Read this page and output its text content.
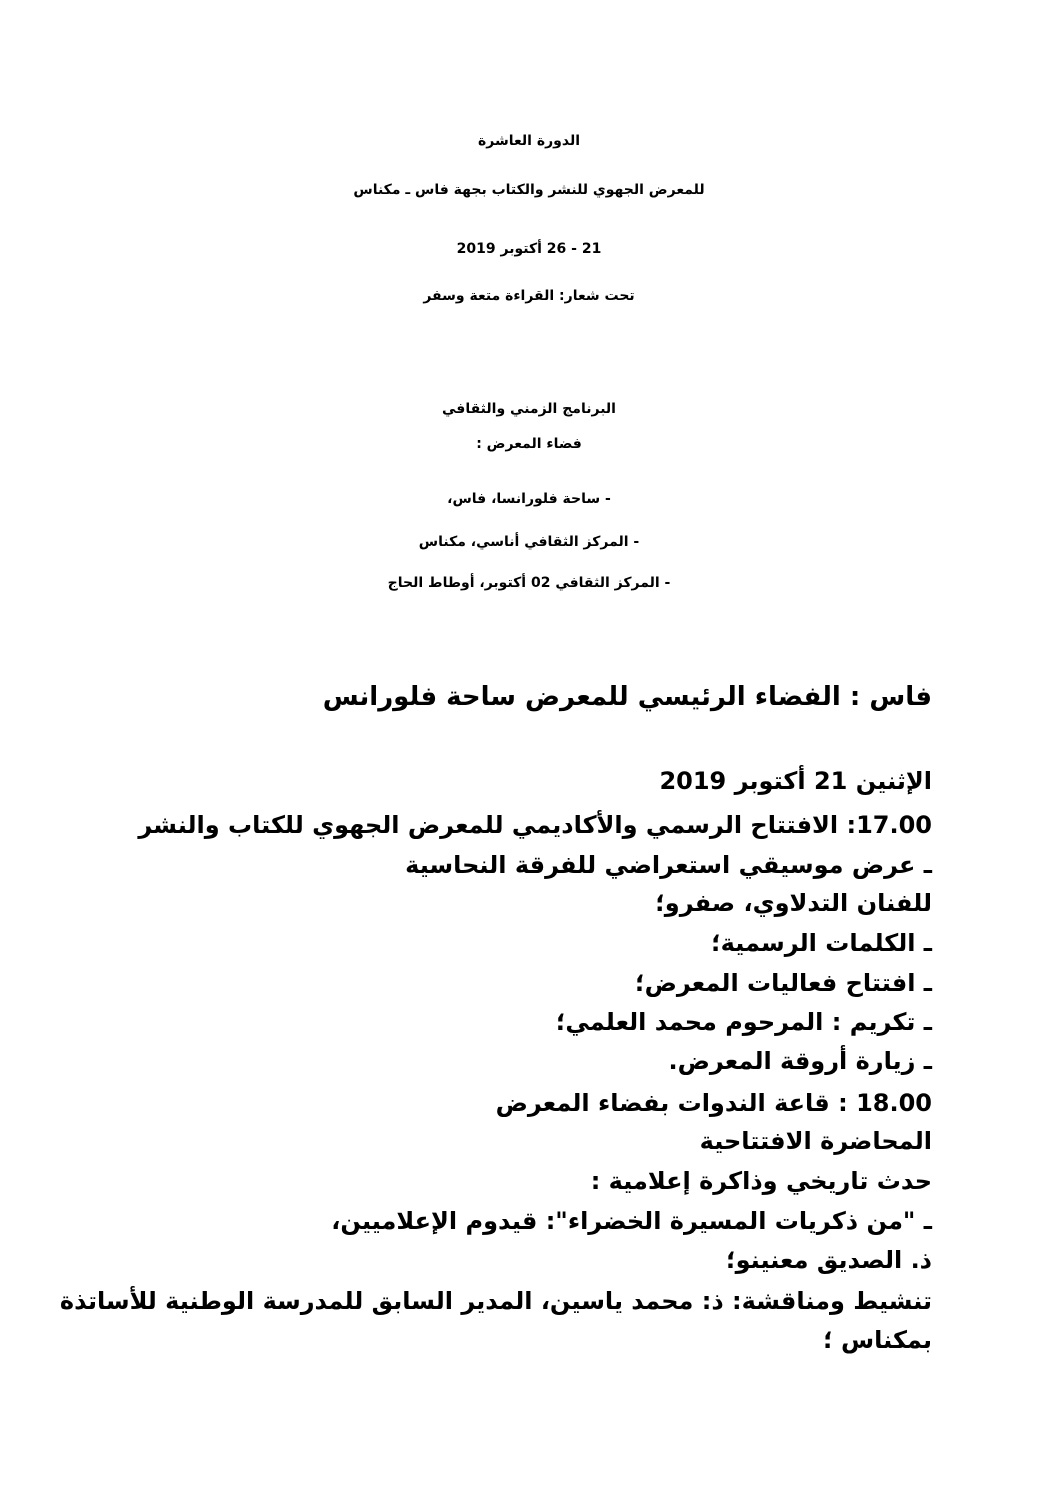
الدورة العاشرة
للمعرض الجهوي للنشر والكتاب بجهة فاس ـ مكناس
21 - 26 أكتوبر 2019
تحت شعار: القراءة متعة وسفر
البرنامج الزمني والثقافي
فضاء المعرض :
- ساحة فلورانسا، فاس،
- المركز الثقافي أناسي، مكناس
- المركز الثقافي 02 أكتوبر، أوطاط الحاج
فاس : الفضاء الرئيسي للمعرض ساحة فلورانس
الإثنين 21 أكتوبر 2019
17.00: الافتتاح الرسمي والأكاديمي للمعرض الجهوي للكتاب والنشر
ـ عرض موسيقي استعراضي للفرقة النحاسية
للفنان التدلاوي، صفرو؛
ـ الكلمات الرسمية؛
ـ افتتاح فعاليات المعرض؛
ـ تكريم : المرحوم محمد العلمي؛
ـ زيارة أروقة المعرض.
18.00 : قاعة الندوات بفضاء المعرض
المحاضرة الافتتاحية
حدث تاريخي وذاكرة إعلامية :
ـ "من ذكريات المسيرة الخضراء": قيدوم الإعلاميين،
ذ. الصديق معنينو؛
تنشيط ومناقشة: ذ: محمد ياسين، المدير السابق للمدرسة الوطنية للأساتذة
بمكناس ؛
